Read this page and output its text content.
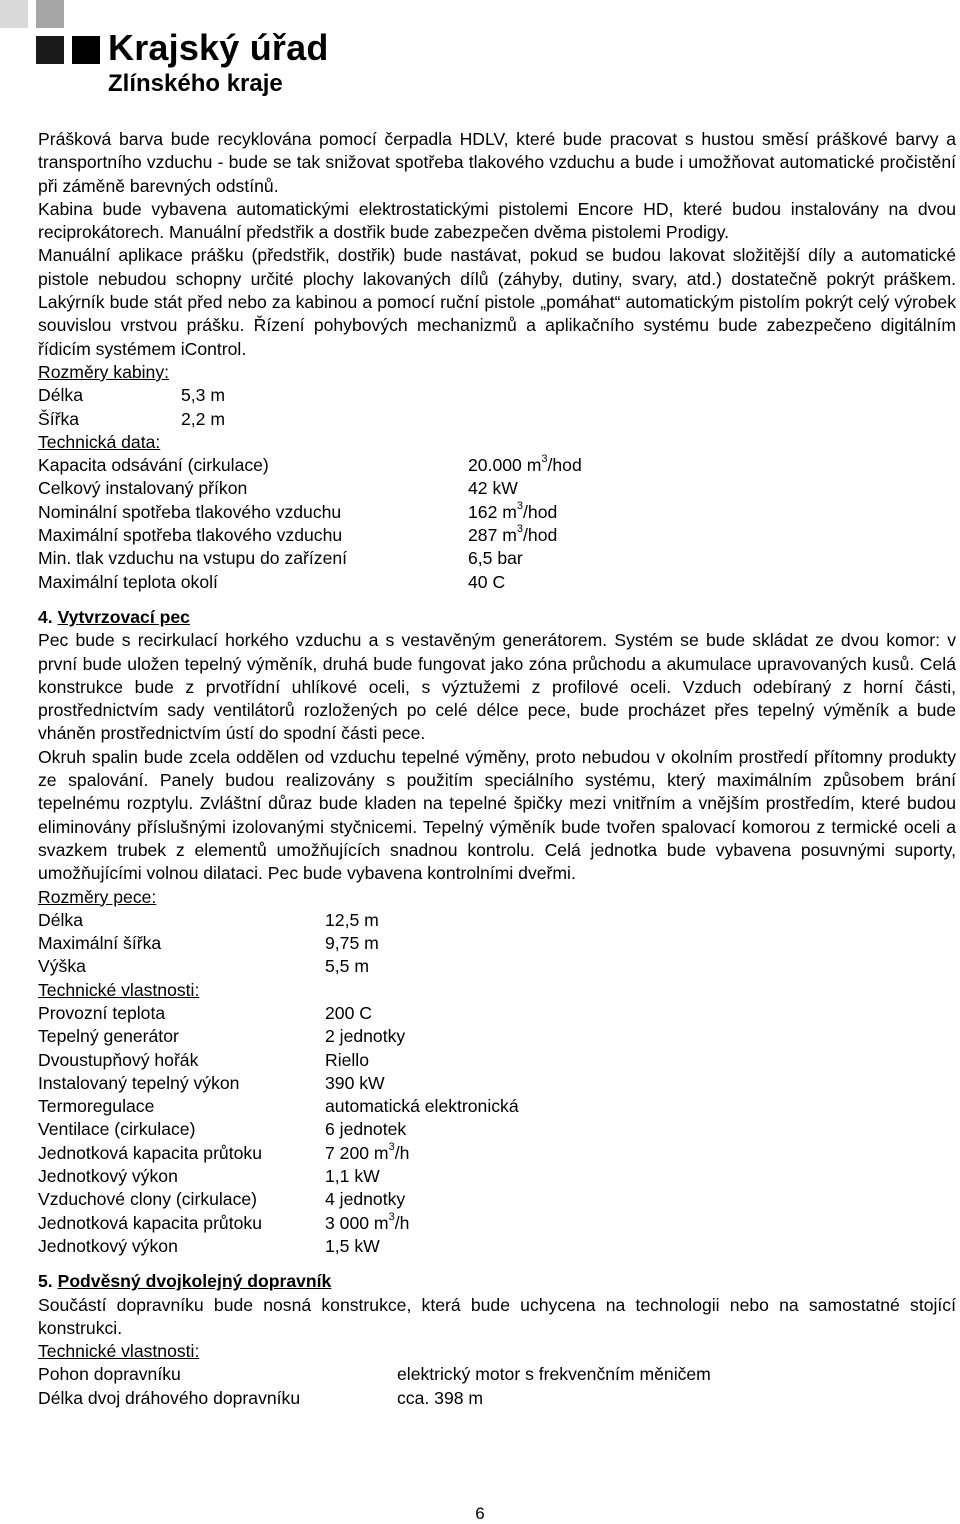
Krajský úřad
Zlínského kraje

Prášková barva bude recyklována pomocí čerpadla HDLV, které bude pracovat s hustou směsí práškové barvy a transportního vzduchu - bude se tak snižovat spotřeba tlakového vzduchu a bude i umožňovat automatické pročistění při záměně barevných odstínů.

Kabina bude vybavena automatickými elektrostatickými pistolemi Encore HD, které budou instalovány na dvou reciprokátorech. Manuální předstřik a dostřik bude zabezpečen dvěma pistolemi Prodigy.

Manuální aplikace prášku (předstřik, dostřik) bude nastávat, pokud se budou lakovat složitější díly a automatické pistole nebudou schopny určité plochy lakovaných dílů (záhyby, dutiny, svary, atd.) dostatečně pokrýt práškem. Lakýrník bude stát před nebo za kabinou a pomocí ruční pistole „pomáhat“ automatickým pistolím pokrýt celý výrobek souvislou vrstvou prášku. Řízení pohybových mechanizmů a aplikačního systému bude zabezpečeno digitálním řídicím systémem iControl.

Rozměry kabiny:
Délka	5,3 m
Šířka	2,2 m
Technická data:
Kapacita odsávání (cirkulace)	20.000 $m^3$/hod
Celkový instalovaný příkon	42 kW
Nominální spotřeba tlakového vzduchu	162 $m^3$/hod
Maximální spotřeba tlakového vzduchu	287 $m^3$/hod
Min. tlak vzduchu na vstupu do zařízení	6,5 bar
Maximální teplota okolí	40 C
4. Vytvrzovací pec

Pec bude s recirkulací horkého vzduchu a s vestavěným generátorem. Systém se bude skládat ze dvou komor: v první bude uložen tepelný výměník, druhá bude fungovat jako zóna průchodu a akumulace upravovaných kusů. Celá konstrukce bude z prvotřídní uhlíkové oceli, s výztužemi z profilové oceli. Vzduch odebíraný z horní části, prostřednictvím sady ventilátorů rozložených po celé délce pece, bude procházet přes tepelný výměník a bude vháněn prostřednictvím ústí do spodní části pece.

Okruh spalin bude zcela oddělen od vzduchu tepelné výměny, proto nebudou v okolním prostředí přítomny produkty ze spalování. Panely budou realizovány s použitím speciálního systému, který maximálním způsobem brání tepelnému rozptylu. Zvláštní důraz bude kladen na tepelné špičky mezi vnitřním a vnějším prostředím, které budou eliminovány příslušnými izolovanými styčnicemi. Tepelný výměník bude tvořen spalovací komorou z termické oceli a svazkem trubek z elementů umožňujících snadnou kontrolu. Celá jednotka bude vybavena posuvnými suporty, umožňujícími volnou dilataci. Pec bude vybavena kontrolními dveřmi.

Rozměry pece:
Délka	12,5 m
Maximální šířka	9,75 m
Výška	5,5 m
Technické vlastnosti:
Provozní teplota	200 C
Tepelný generátor	2 jednotky
Dvoustupňový hořák	Riello
Instalovaný tepelný výkon	390 kW
Termoregulace	automatická elektronická
Ventilace (cirkulace)	6 jednotek
Jednotková kapacita průtoku	7 200 $m^3/h$
Jednotkový výkon	1,1 kW
Vzduchové clony (cirkulace)	4 jednotky
Jednotková kapacita průtoku	3 000 $m^3/h$
Jednotkový výkon	1,5 kW
5. Podvěsný dvojkolejný dopravník

Součástí dopravníku bude nosná konstrukce, která bude uchycena na technologii nebo na samostatné stojící konstrukci.

Technické vlastnosti:
Pohon dopravníku	elektrický motor s frekvenčním měničem
Délka dvoj dráhového dopravníku	cca. 398 m
6
